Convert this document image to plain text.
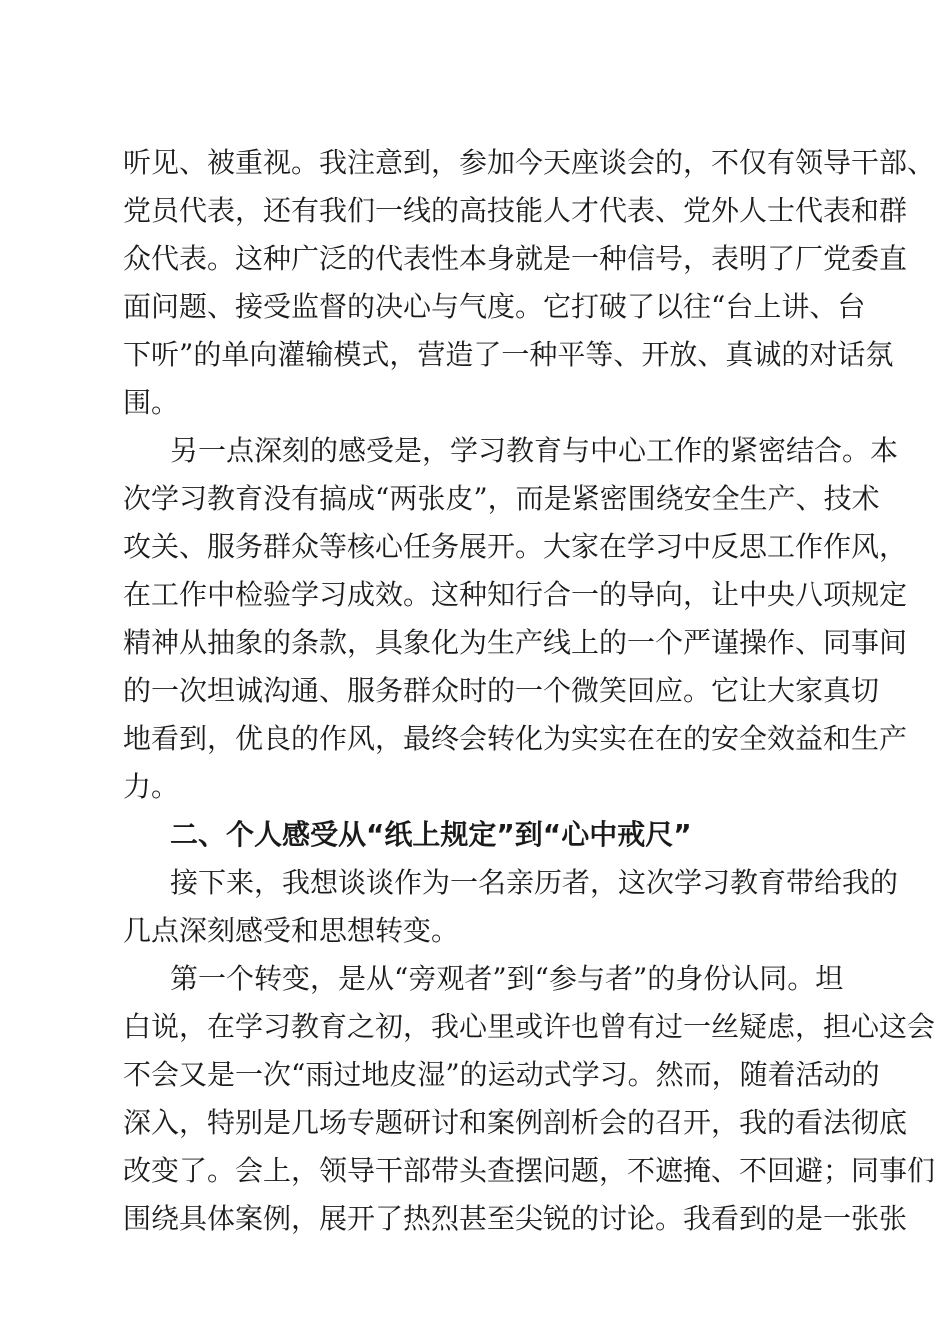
听见、被重视。我注意到，参加今天座谈会的，不仅有领导干部、
党员代表，还有我们一线的高技能人才代表、党外人士代表和群
众代表。这种广泛的代表性本身就是一种信号，表明了厂党委直
面问题、接受监督的决心与气度。它打破了以往“台上讲、台
下听”的单向灌输模式，营造了一种平等、开放、真诚的对话氛
围。
另一点深刻的感受是，学习教育与中心工作的紧密结合。本
次学习教育没有搞成“两张皮”，而是紧密围绕安全生产、技术
攻关、服务群众等核心任务展开。大家在学习中反思工作作风，
在工作中检验学习成效。这种知行合一的导向，让中央八项规定
精神从抽象的条款，具象化为生产线上的一个严谨操作、同事间
的一次坦诚沟通、服务群众时的一个微笑回应。它让大家真切
地看到，优良的作风，最终会转化为实实在在的安全效益和生产
力。
二、个人感受从“纸上规定”到“心中戒尺”
接下来，我想谈谈作为一名亲历者，这次学习教育带给我的
几点深刻感受和思想转变。
第一个转变，是从“旁观者”到“参与者”的身份认同。坦
白说，在学习教育之初，我心里或许也曾有过一丝疑虑，担心这会
不会又是一次“雨过地皮湿”的运动式学习。然而，随着活动的
深入，特别是几场专题研讨和案例剖析会的召开，我的看法彻底
改变了。会上，领导干部带头查摆问题，不遮掩、不回避；同事们
围绕具体案例，展开了热烈甚至尖锐的讨论。我看到的是一张张
